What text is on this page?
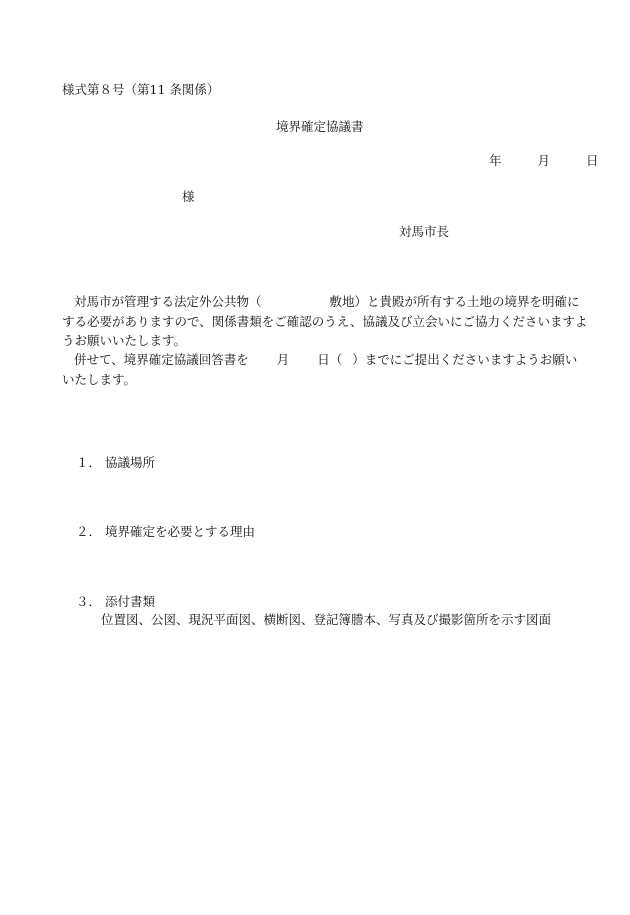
様式第８号（第11 条関係）
境界確定協議書
年	月	日
様
対馬市長

対馬市が管理する法定外公共物（	敷地）と貴殿が所有する土地の境界を明確にする必要がありますので、関係書類をご確認のうえ、協議及び立会いにご協力くださいますようお願いいたします。

併せて、境界確定協議回答書を 月 日（ ）までにご提出くださいますようお願いいたします。

１． 協議場所
２． 境界確定を必要とする理由
３． 添付書類
位置図、公図、現況平面図、横断図、登記簿謄本、写真及び撮影箇所を示す図面
